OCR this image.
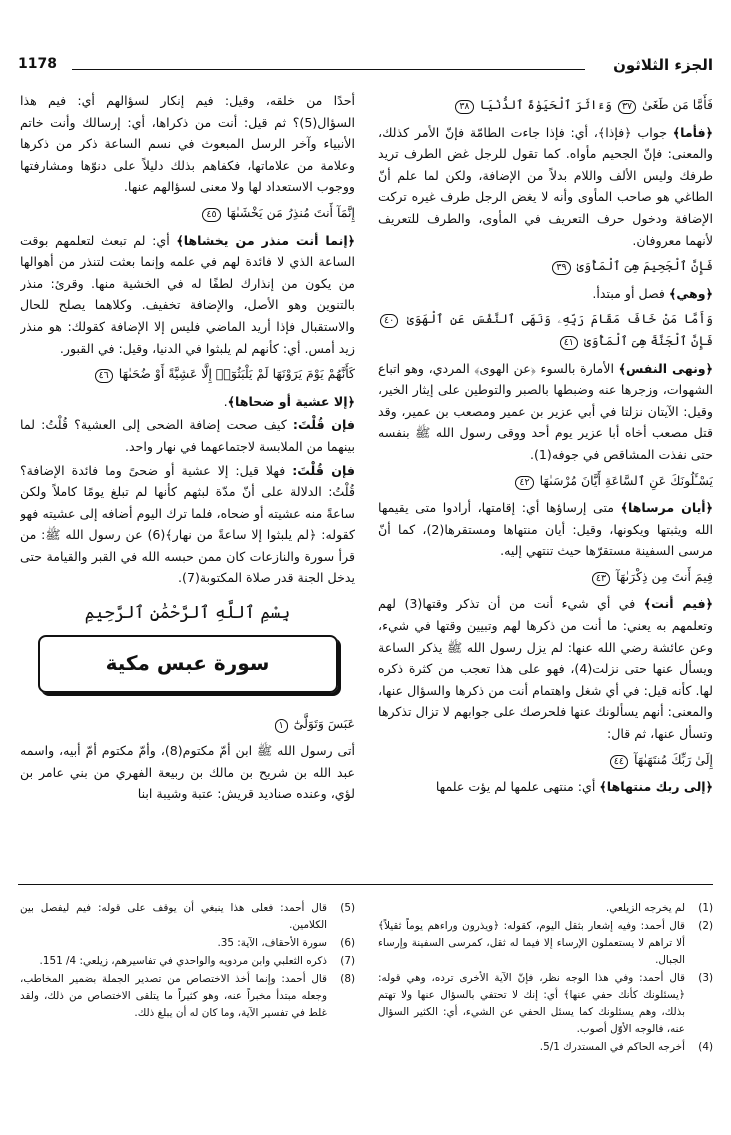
الجزء الثلاثون
1178

فَأَمَّا مَن طَغَىٰ ٣٧ وَءَاثَرَ ٱلْحَيَوٰةَ ٱلدُّنْيَا ٣٨

﴿فأما﴾ جواب ﴿فإذا﴾، أي: فإذا جاءت الطامّة فإنّ الأمر كذلك، والمعنى: فإنّ الجحيم مأواه. كما تقول للرجل غض الطرف تريد طرفك وليس الألف واللام بدلاً من الإضافة، ولكن لما علم أنّ الطاغي هو صاحب المأوى وأنه لا يغض الرجل طرف غيره تركت الإضافة ودخول حرف التعريف في المأوى، والطرف للتعريف لأنهما معروفان.

فَإِنَّ ٱلْجَحِيمَ هِىَ ٱلْمَأْوَىٰ ٣٩

﴿وهي﴾ فصل أو مبتدأ.

وَأَمَّا مَنْ خَافَ مَقَامَ رَبِّهِۦ وَنَهَى ٱلنَّفْسَ عَنِ ٱلْهَوَىٰ ٤٠ فَإِنَّ ٱلْجَنَّةَ هِىَ ٱلْمَأْوَىٰ ٤١

﴿ونهى النفس﴾ الأمارة بالسوء ﴿عن الهوى﴾ المردي، وهو اتباع الشهوات، وزجرها عنه وضبطها بالصبر والتوطين على إيثار الخير، وقيل: الآيتان نزلتا في أبي عزير بن عمير ومصعب بن عمير، وقد قتل مصعب أخاه أبا عزير يوم أحد ووقى رسول الله ﷺ بنفسه حتى نفذت المشاقص في جوفه(1).

يَسْـَٔلُونَكَ عَنِ ٱلسَّاعَةِ أَيَّانَ مُرْسَىٰهَا ٤٢

﴿أيان مرساها﴾ متى إرساؤها أي: إقامتها، أرادوا متى يقيمها الله ويثبتها ويكونها، وقيل: أيان منتهاها ومستقرها(2)، كما أنّ مرسى السفينة مستقرّها حيث تنتهي إليه.

فِيمَ أَنتَ مِن ذِكْرَىٰهَآ ٤٣

﴿فيم أنت﴾ في أي شيء أنت من أن تذكر وقتها(3) لهم وتعلمهم به يعني: ما أنت من ذكرها لهم وتبيين وقتها في شيء، وعن عائشة رضي الله عنها: لم يزل رسول الله ﷺ يذكر الساعة ويسأل عنها حتى نزلت(4)، فهو على هذا تعجب من كثرة ذكره لها. كأنه قيل: في أي شغل واهتمام أنت من ذكرها والسؤال عنها، والمعنى: أنهم يسألونك عنها فلحرصك على جوابهم لا تزال تذكرها وتسأل عنها، ثم قال:

إِلَىٰ رَبِّكَ مُنتَهَىٰهَآ ٤٤

﴿إلى ربك منتهاها﴾ أي: منتهى علمها لم يؤت علمها

أحدًا من خلقه، وقيل: فيم إنكار لسؤالهم أي: فيم هذا السؤال(5)؟ ثم قيل: أنت من ذكراها، أي: إرسالك وأنت خاتم الأنبياء وآخر الرسل المبعوث في نسم الساعة ذكر من ذكرها وعلامة من علاماتها، فكفاهم بذلك دليلاً على دنوّها ومشارفتها ووجوب الاستعداد لها ولا معنى لسؤالهم عنها.

إِنَّمَآ أَنتَ مُنذِرُ مَن يَخْشَىٰهَا ٤٥

﴿إنما أنت منذر من يخشاها﴾ أي: لم تبعث لتعلمهم بوقت الساعة الذي لا فائدة لهم في علمه وإنما بعثت لتنذر من أهوالها من يكون من إنذارك لطفًا له في الخشية منها. وقرئ: منذر بالتنوين وهو الأصل، والإضافة تخفيف. وكلاهما يصلح للحال والاستقبال فإذا أريد الماضي فليس إلا الإضافة كقولك: هو منذر زيد أمس. أي: كأنهم لم يلبثوا في الدنيا، وقيل: في القبور.

كَأَنَّهُمْ يَوْمَ يَرَوْنَهَا لَمْ يَلْبَثُوٓا۟ إِلَّا عَشِيَّةً أَوْ ضُحَىٰهَا ٤٦

﴿إلا عشية أو ضحاها﴾.

فإن قُلْتَ: كيف صحت إضافة الضحى إلى العشية؟ قُلْتُ: لما بينهما من الملابسة لاجتماعهما في نهار واحد.

فإن قُلْتَ: فهلا قيل: إلا عشية أو ضحىً وما فائدة الإضافة؟ قُلْتُ: الدلالة على أنّ مدّة لبثهم كأنها لم تبلغ يومًا كاملاً ولكن ساعةً منه عشيته أو ضحاه، فلما ترك اليوم أضافه إلى عشيته فهو كقوله: ﴿لم يلبثوا إلا ساعةً من نهار﴾(6) عن رسول الله ﷺ: من قرأ سورة والنازعات كان ممن حبسه الله في القبر والقيامة حتى يدخل الجنة قدر صلاة المكتوبة(7).

بِسْمِ ٱللَّهِ ٱلرَّحْمَٰنِ ٱلرَّحِيمِ
سورة عبس مكية

عَبَسَ وَتَوَلَّىٰٓ ١

أتى رسول الله ﷺ ابن أمّ مكتوم(8)، وأمّ مكتوم أمّ أبيه، واسمه عبد الله بن شريح بن مالك بن ربيعة الفهري من بني عامر بن لؤي، وعنده صناديد قريش: عتبة وشيبة ابنا

(1)
لم يخرجه الزيلعي.
(2)
قال أحمد: وفيه إشعار بثقل اليوم، كقوله: ﴿ويذرون وراءهم يوماً ثقيلاً﴾ ألا تراهم لا يستعملون الإرساء إلا فيما له ثقل، كمرسى السفينة وإرساء الجبال.
(3)
قال أحمد: وفي هذا الوجه نظر، فإنّ الآية الأخرى ترده، وهي قوله: ﴿يسئلونك كأنك حفي عنها﴾ أي: إنك لا تحتفي بالسؤال عنها ولا تهتم بذلك، وهم يسئلونك كما يسئل الحفي عن الشيء، أي: الكثير السؤال عنه، فالوجه الأوّل أصوب.
(4)
أخرجه الحاكم في المستدرك 5/1.
(5)
قال أحمد: فعلى هذا ينبغي أن يوقف على قوله: فيم ليفصل بين الكلامين.
(6)
سورة الأحقاف، الآية: 35.
(7)
ذكره الثعلبي وابن مردويه والواحدي في تفاسيرهم، زيلعي: 4/ 151.
(8)
قال أحمد: وإنما أخذ الاختصاص من تصدير الجملة بضمير المخاطب، وجعله مبتدأ مخبراً عنه، وهو كثيراً ما يتلقى الاختصاص من ذلك، ولقد غلط في تفسير الآية، وما كان له أن يبلغ ذلك.
